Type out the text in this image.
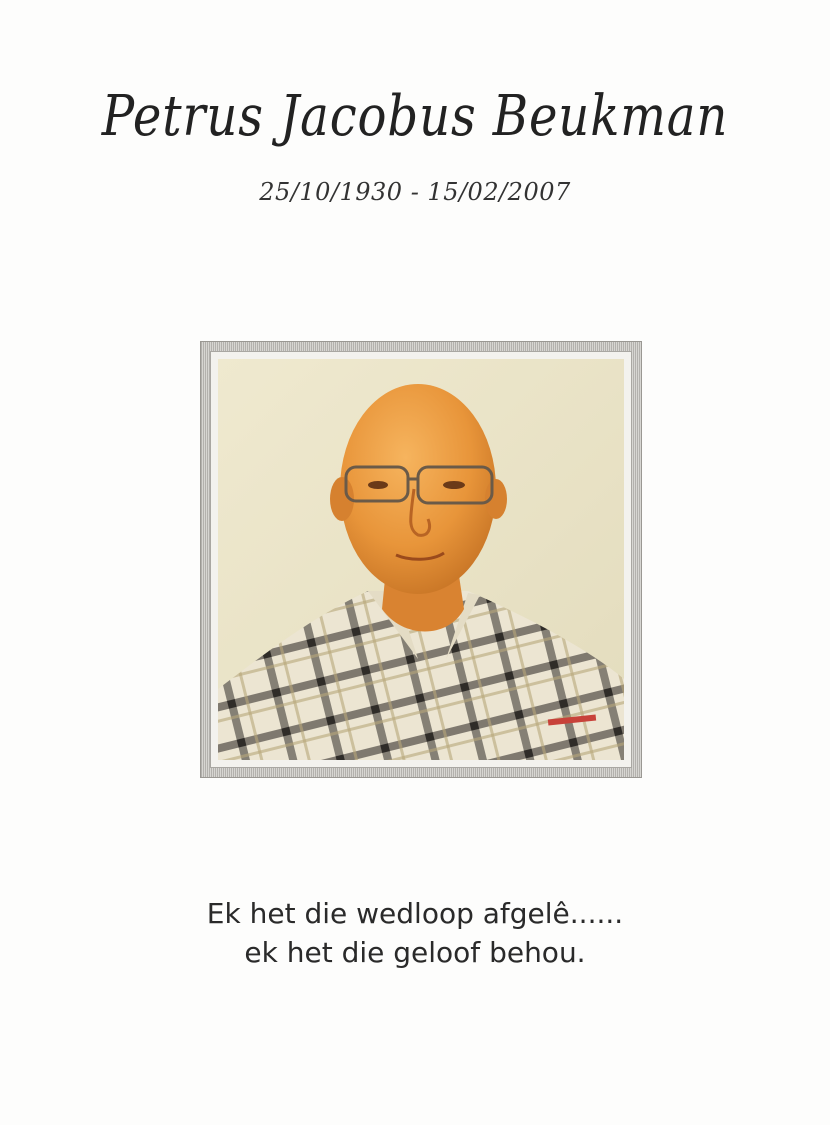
Petrus Jacobus Beukman
25/10/1930 - 15/02/2007
Ek het die wedloop afgelê......
ek het die geloof behou.
